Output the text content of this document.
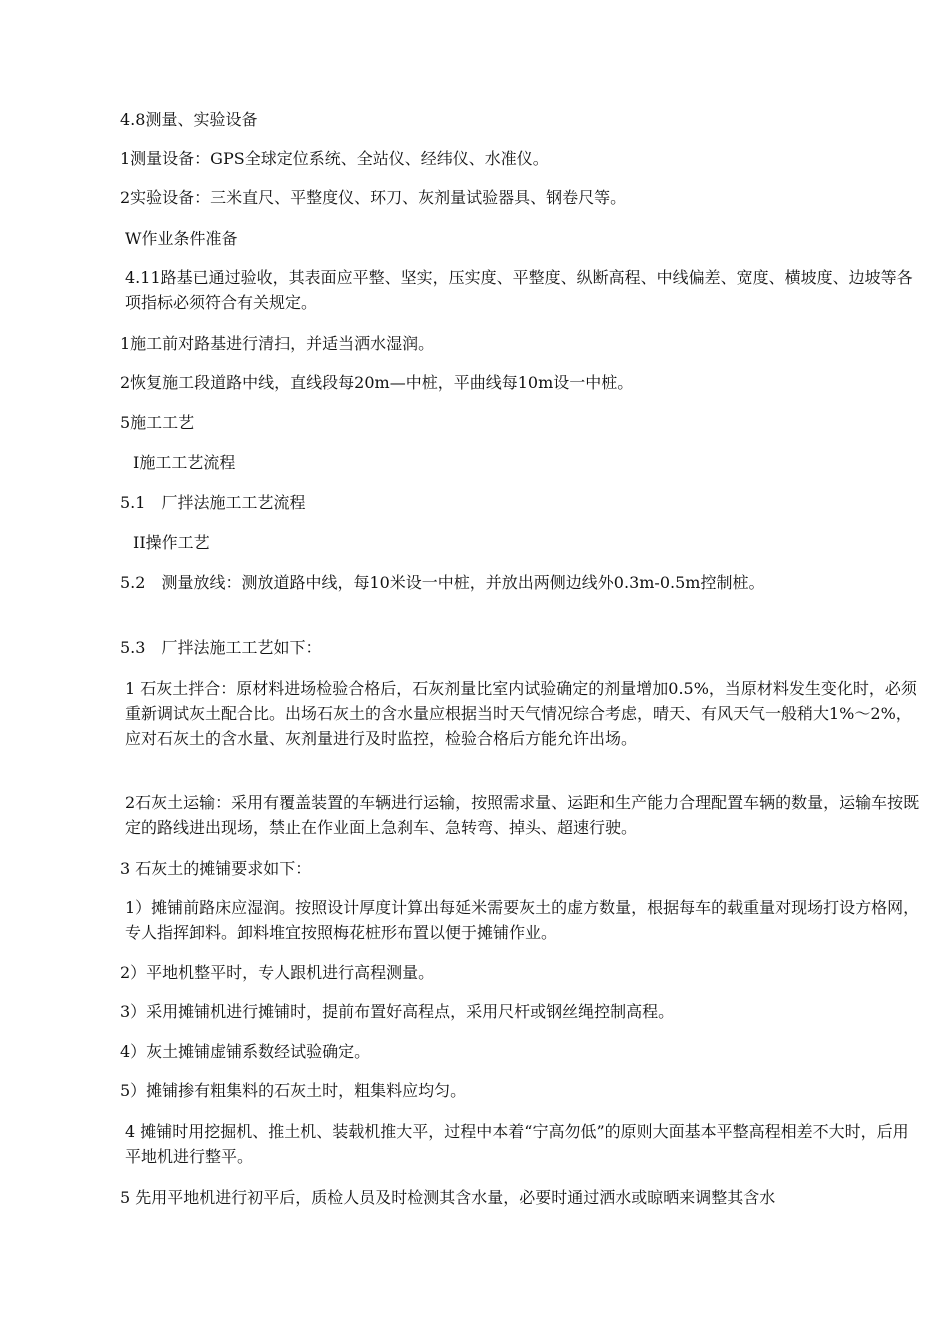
4.8测量、实验设备

1测量设备：GPS全球定位系统、全站仪、经纬仪、水准仪。

2实验设备：三米直尺、平整度仪、环刀、灰剂量试验器具、钢卷尺等。

W作业条件准备

4.11路基已通过验收，其表面应平整、坚实，压实度、平整度、纵断高程、中线偏差、宽度、横坡度、边坡等各项指标必须符合有关规定。

1施工前对路基进行清扫，并适当洒水湿润。

2恢复施工段道路中线，直线段每20m—中桩，平曲线每10m设一中桩。

5施工工艺

I施工工艺流程

5.1　厂拌法施工工艺流程

II操作工艺

5.2　测量放线：测放道路中线，每10米设一中桩，并放出两侧边线外0.3m-0.5m控制桩。

5.3　厂拌法施工工艺如下：

1 石灰土拌合：原材料进场检验合格后，石灰剂量比室内试验确定的剂量增加0.5%，当原材料发生变化时，必须重新调试灰土配合比。出场石灰土的含水量应根据当时天气情况综合考虑，晴天、有风天气一般稍大1%〜2%，应对石灰土的含水量、灰剂量进行及时监控，检验合格后方能允许出场。

2石灰土运输：采用有覆盖装置的车辆进行运输，按照需求量、运距和生产能力合理配置车辆的数量，运输车按既定的路线进出现场，禁止在作业面上急刹车、急转弯、掉头、超速行驶。

3 石灰土的摊铺要求如下：

1）摊铺前路床应湿润。按照设计厚度计算出每延米需要灰土的虚方数量，根据每车的载重量对现场打设方格网，专人指挥卸料。卸料堆宜按照梅花桩形布置以便于摊铺作业。

2）平地机整平时，专人跟机进行高程测量。

3）采用摊铺机进行摊铺时，提前布置好高程点，采用尺杆或钢丝绳控制高程。

4）灰土摊铺虚铺系数经试验确定。

5）摊铺掺有粗集料的石灰土时，粗集料应均匀。

4 摊铺时用挖掘机、推土机、装载机推大平，过程中本着“宁高勿低”的原则大面基本平整高程相差不大时，后用平地机进行整平。

5 先用平地机进行初平后，质检人员及时检测其含水量，必要时通过洒水或晾晒来调整其含水
